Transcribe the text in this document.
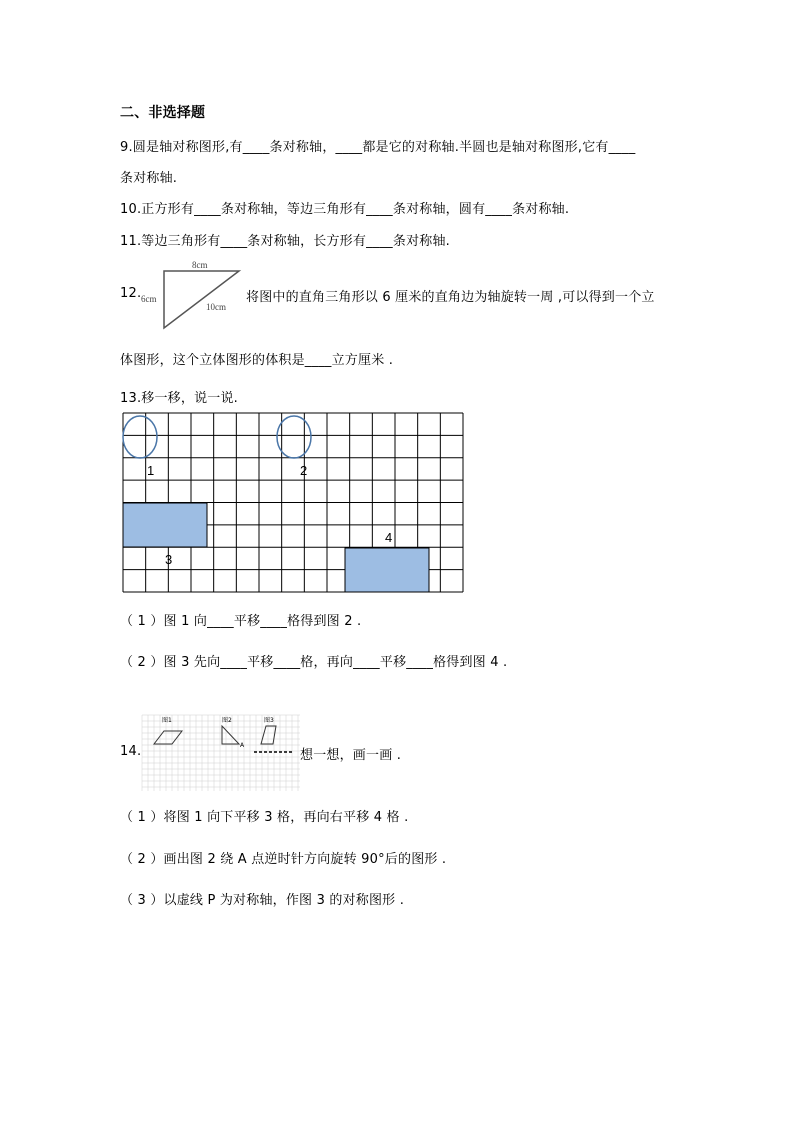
二、非选择题
9.圆是轴对称图形,有____条对称轴，____都是它的对称轴.半圆也是轴对称图形,它有____
条对称轴.
10.正方形有____条对称轴，等边三角形有____条对称轴，圆有____条对称轴.
11.等边三角形有____条对称轴，长方形有____条对称轴.
12.
8cm
6cm
10cm
将图中的直角三角形以 6 厘米的直角边为轴旋转一周 ,可以得到一个立
体图形，这个立体图形的体积是____立方厘米 .
13.移一移，说一说.
1	2
3
4
（ 1 ）图 1 向____平移____格得到图 2 .
（ 2 ）图 3 先向____平移____格，再向____平移____格得到图 4 .
14.
图1	图2	图3
A
想一想，画一画 .
（ 1 ）将图 1 向下平移 3 格，再向右平移 4 格 .
（ 2 ）画出图 2 绕 A 点逆时针方向旋转 90°后的图形 .
（ 3 ）以虚线 P 为对称轴，作图 3 的对称图形 .
